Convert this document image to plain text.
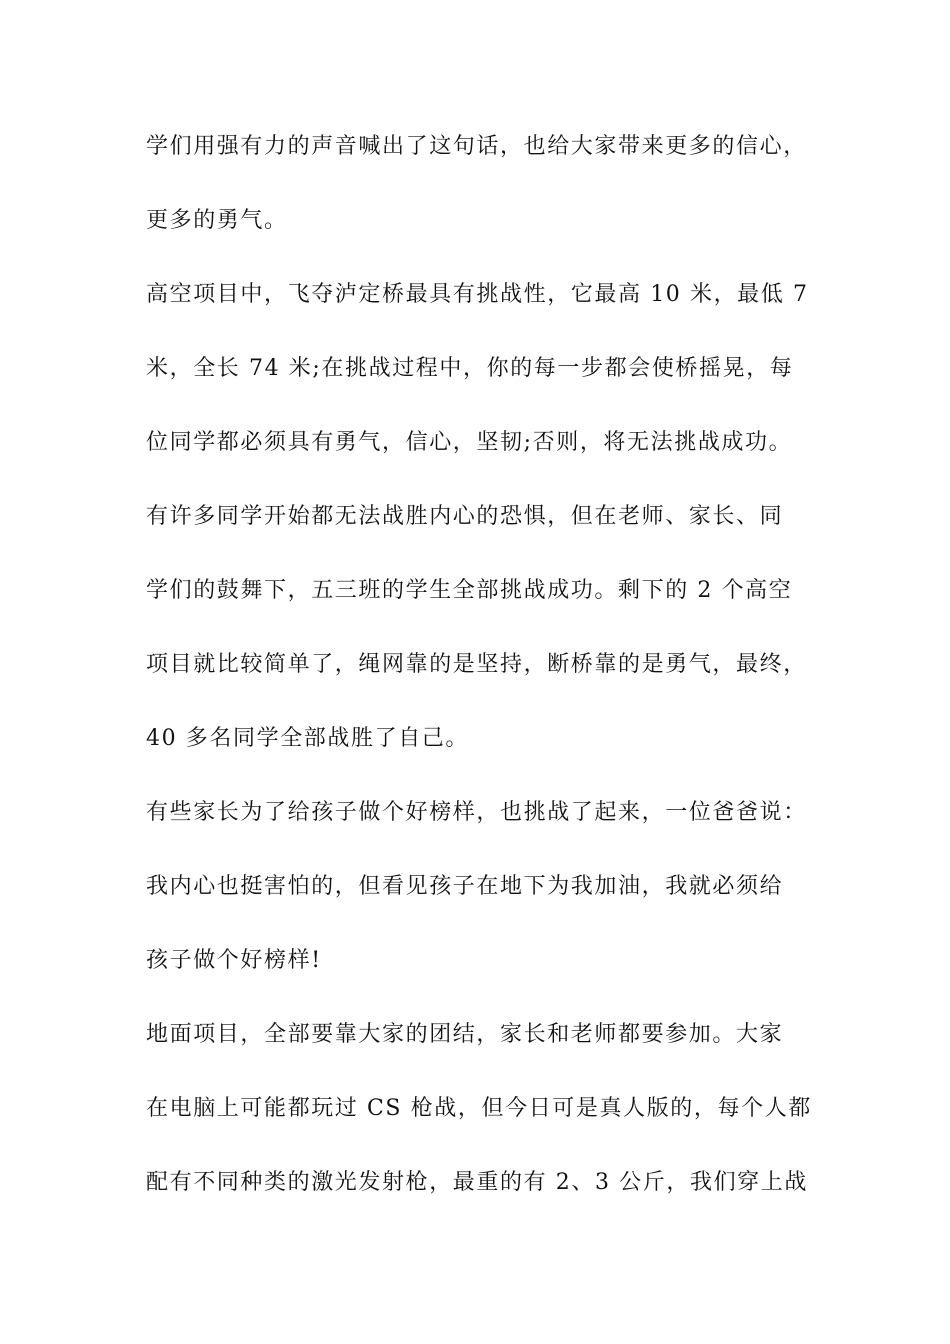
学们用强有力的声音喊出了这句话，也给大家带来更多的信心，
更多的勇气。
高空项目中，飞夺泸定桥最具有挑战性，它最高 10 米，最低 7
米，全长 74 米;在挑战过程中，你的每一步都会使桥摇晃，每
位同学都必须具有勇气，信心，坚韧;否则，将无法挑战成功。
有许多同学开始都无法战胜内心的恐惧，但在老师、家长、同
学们的鼓舞下，五三班的学生全部挑战成功。剩下的 2 个高空
项目就比较简单了，绳网靠的是坚持，断桥靠的是勇气，最终，
40 多名同学全部战胜了自己。
有些家长为了给孩子做个好榜样，也挑战了起来，一位爸爸说：
我内心也挺害怕的，但看见孩子在地下为我加油，我就必须给
孩子做个好榜样!
地面项目，全部要靠大家的团结，家长和老师都要参加。大家
在电脑上可能都玩过 CS 枪战，但今日可是真人版的，每个人都
配有不同种类的激光发射枪，最重的有 2、3 公斤，我们穿上战
